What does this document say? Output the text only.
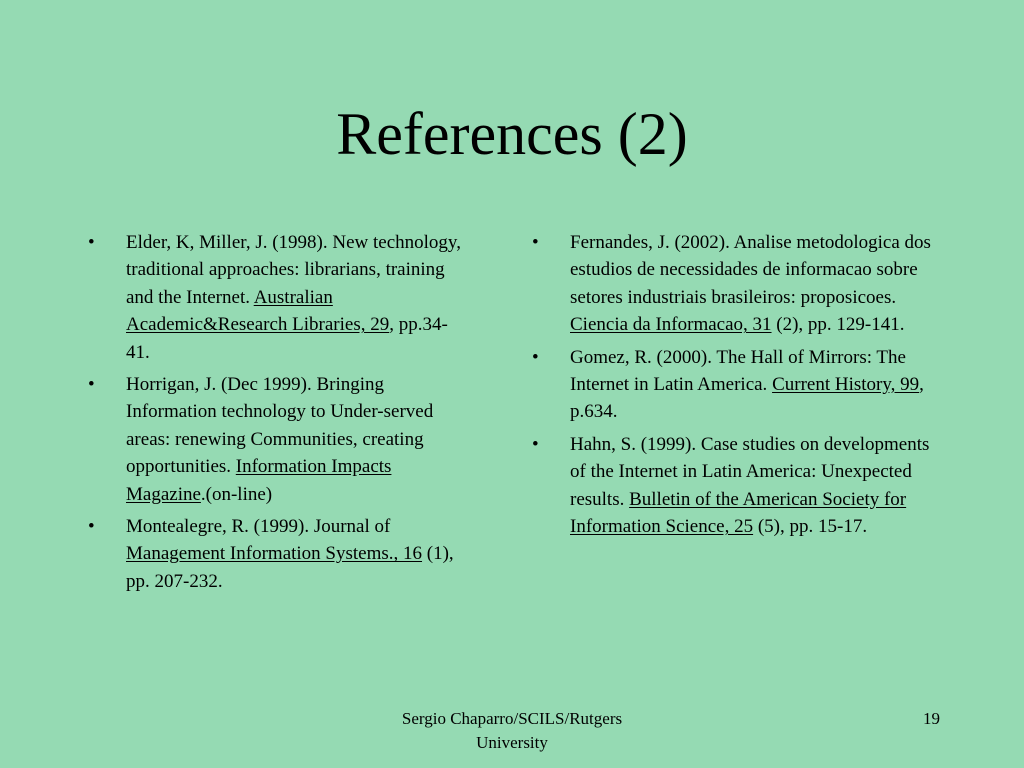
References (2)
• Elder, K, Miller, J. (1998). New technology, traditional approaches: librarians, training and the Internet. Australian Academic&Research Libraries, 29, pp.34-41.
• Horrigan, J. (Dec 1999). Bringing Information technology to Under-served areas: renewing Communities, creating opportunities. Information Impacts Magazine.(on-line)
• Montealegre, R. (1999). Journal of Management Information Systems., 16 (1), pp. 207-232.
• Fernandes, J. (2002). Analise metodologica dos estudios de necessidades de informacao sobre setores industriais brasileiros: proposicoes. Ciencia da Informacao, 31 (2), pp. 129-141.
• Gomez, R. (2000). The Hall of Mirrors: The Internet in Latin America. Current History, 99, p.634.
• Hahn, S. (1999). Case studies on developments of the Internet in Latin America: Unexpected results. Bulletin of the American Society for Information Science, 25 (5), pp. 15-17.
Sergio Chaparro/SCILS/Rutgers University
19
